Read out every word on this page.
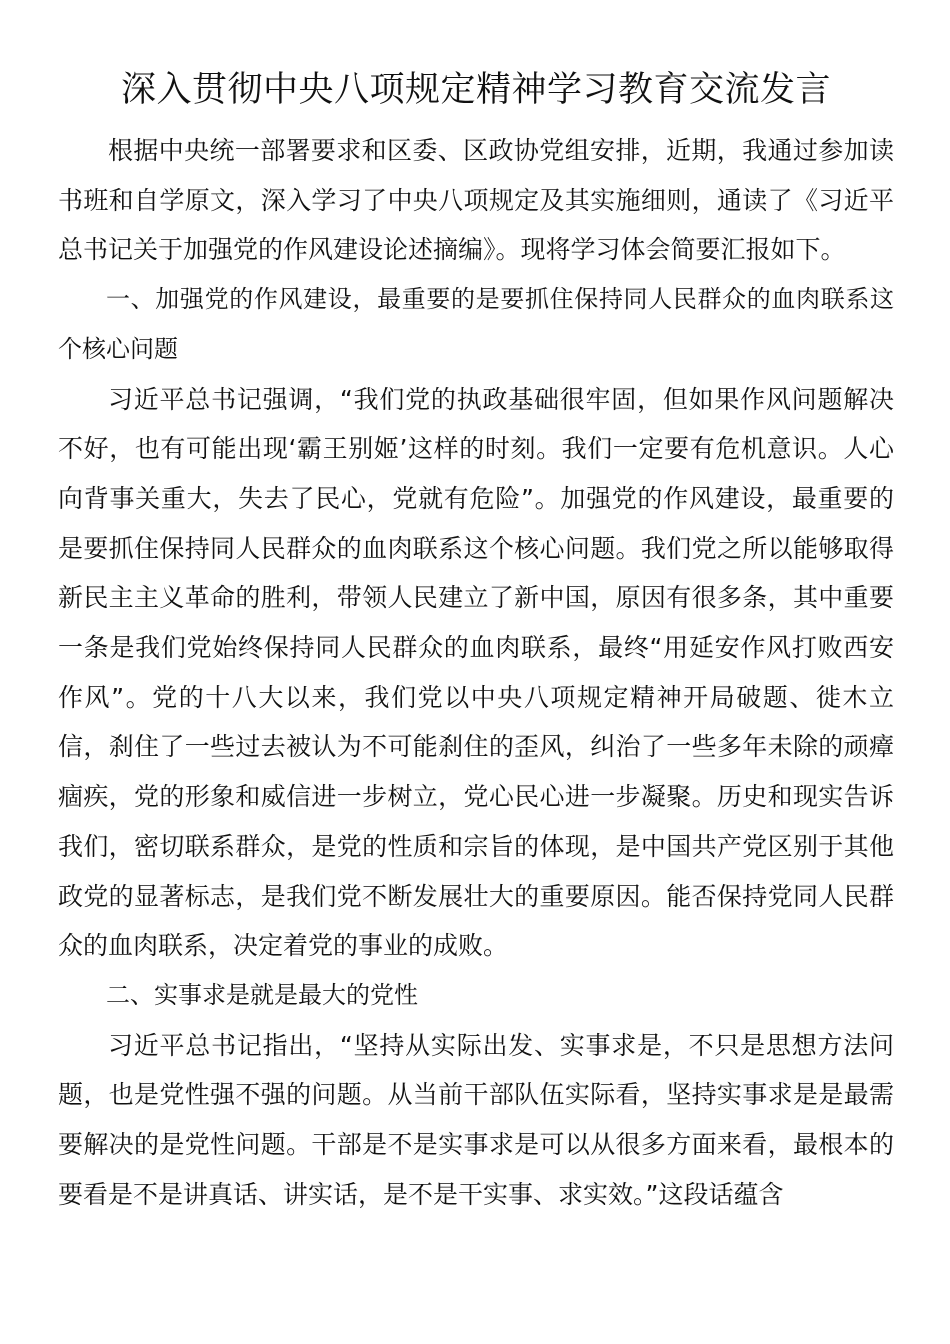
深入贯彻中央八项规定精神学习教育交流发言

根据中央统一部署要求和区委、区政协党组安排，近期，我通过参加读书班和自学原文，深入学习了中央八项规定及其实施细则，通读了《习近平总书记关于加强党的作风建设论述摘编》。现将学习体会简要汇报如下。

一、加强党的作风建设，最重要的是要抓住保持同人民群众的血肉联系这个核心问题

习近平总书记强调，“我们党的执政基础很牢固，但如果作风问题解决不好，也有可能出现‘霸王别姬’这样的时刻。我们一定要有危机意识。人心向背事关重大，失去了民心，党就有危险”。加强党的作风建设，最重要的是要抓住保持同人民群众的血肉联系这个核心问题。我们党之所以能够取得新民主主义革命的胜利，带领人民建立了新中国，原因有很多条，其中重要一条是我们党始终保持同人民群众的血肉联系，最终“用延安作风打败西安作风”。党的十八大以来，我们党以中央八项规定精神开局破题、徙木立信，刹住了一些过去被认为不可能刹住的歪风，纠治了一些多年未除的顽瘴痼疾，党的形象和威信进一步树立，党心民心进一步凝聚。历史和现实告诉我们，密切联系群众，是党的性质和宗旨的体现，是中国共产党区别于其他政党的显著标志，是我们党不断发展壮大的重要原因。能否保持党同人民群众的血肉联系，决定着党的事业的成败。

二、实事求是就是最大的党性

习近平总书记指出，“坚持从实际出发、实事求是，不只是思想方法问题，也是党性强不强的问题。从当前干部队伍实际看，坚持实事求是是最需要解决的是党性问题。干部是不是实事求是可以从很多方面来看，最根本的要看是不是讲真话、讲实话，是不是干实事、求实效。”这段话蕴含
